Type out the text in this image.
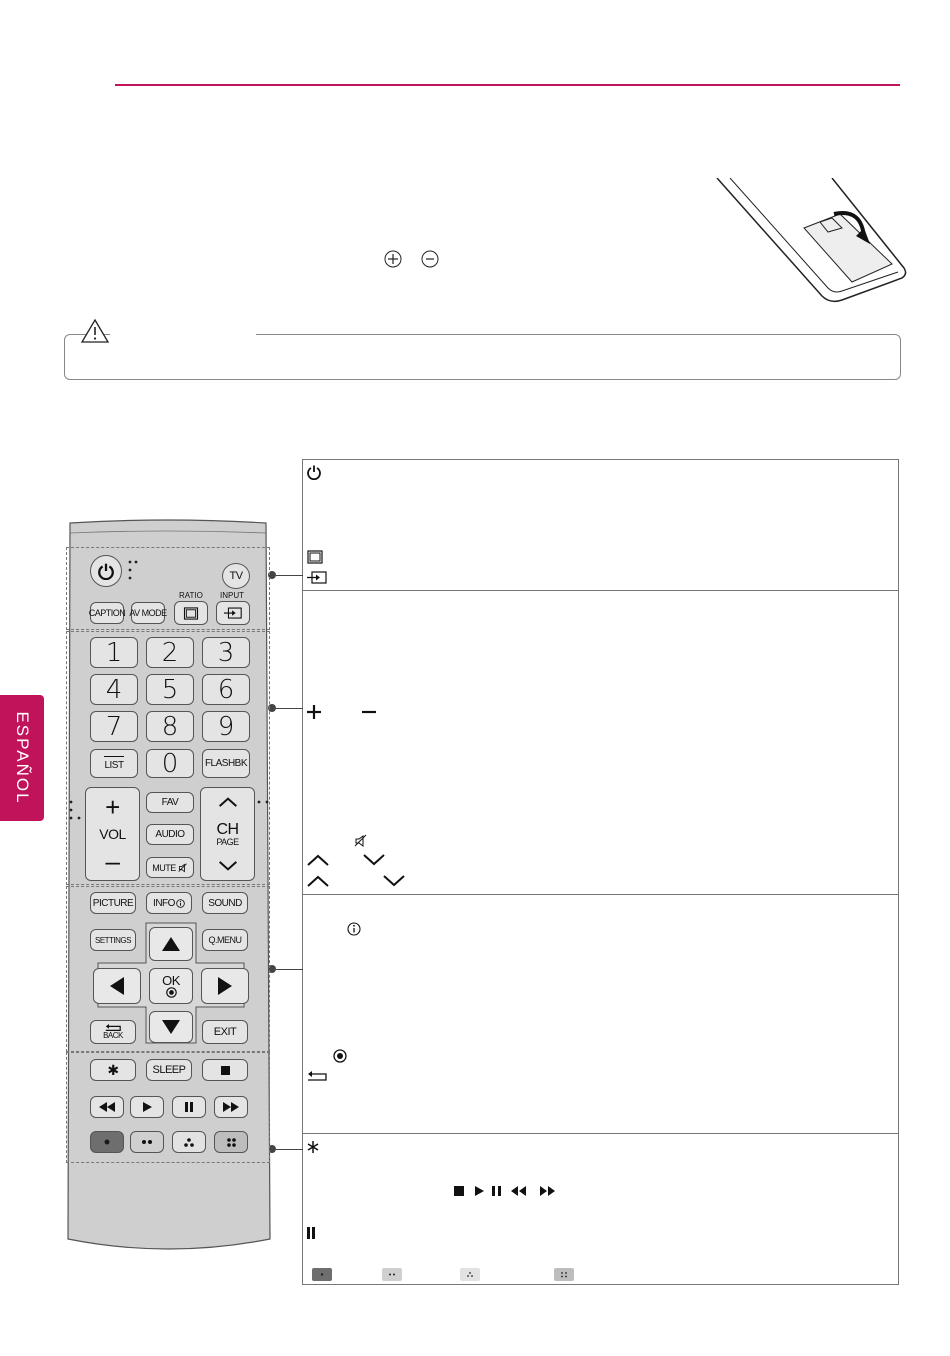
ESPAÑOL
TV
RATIO INPUT
CAPTION AV MODE
1	2	3
4	5	6
7	8	9
LIST	0	FLASHBK
+
VOL
–
FAV
AUDIO
MUTE
CH
PAGE
PICTURE INFO	SOUND
SETTINGS	Q.MENU
OK
BACK	EXIT
✱	SLEEP
